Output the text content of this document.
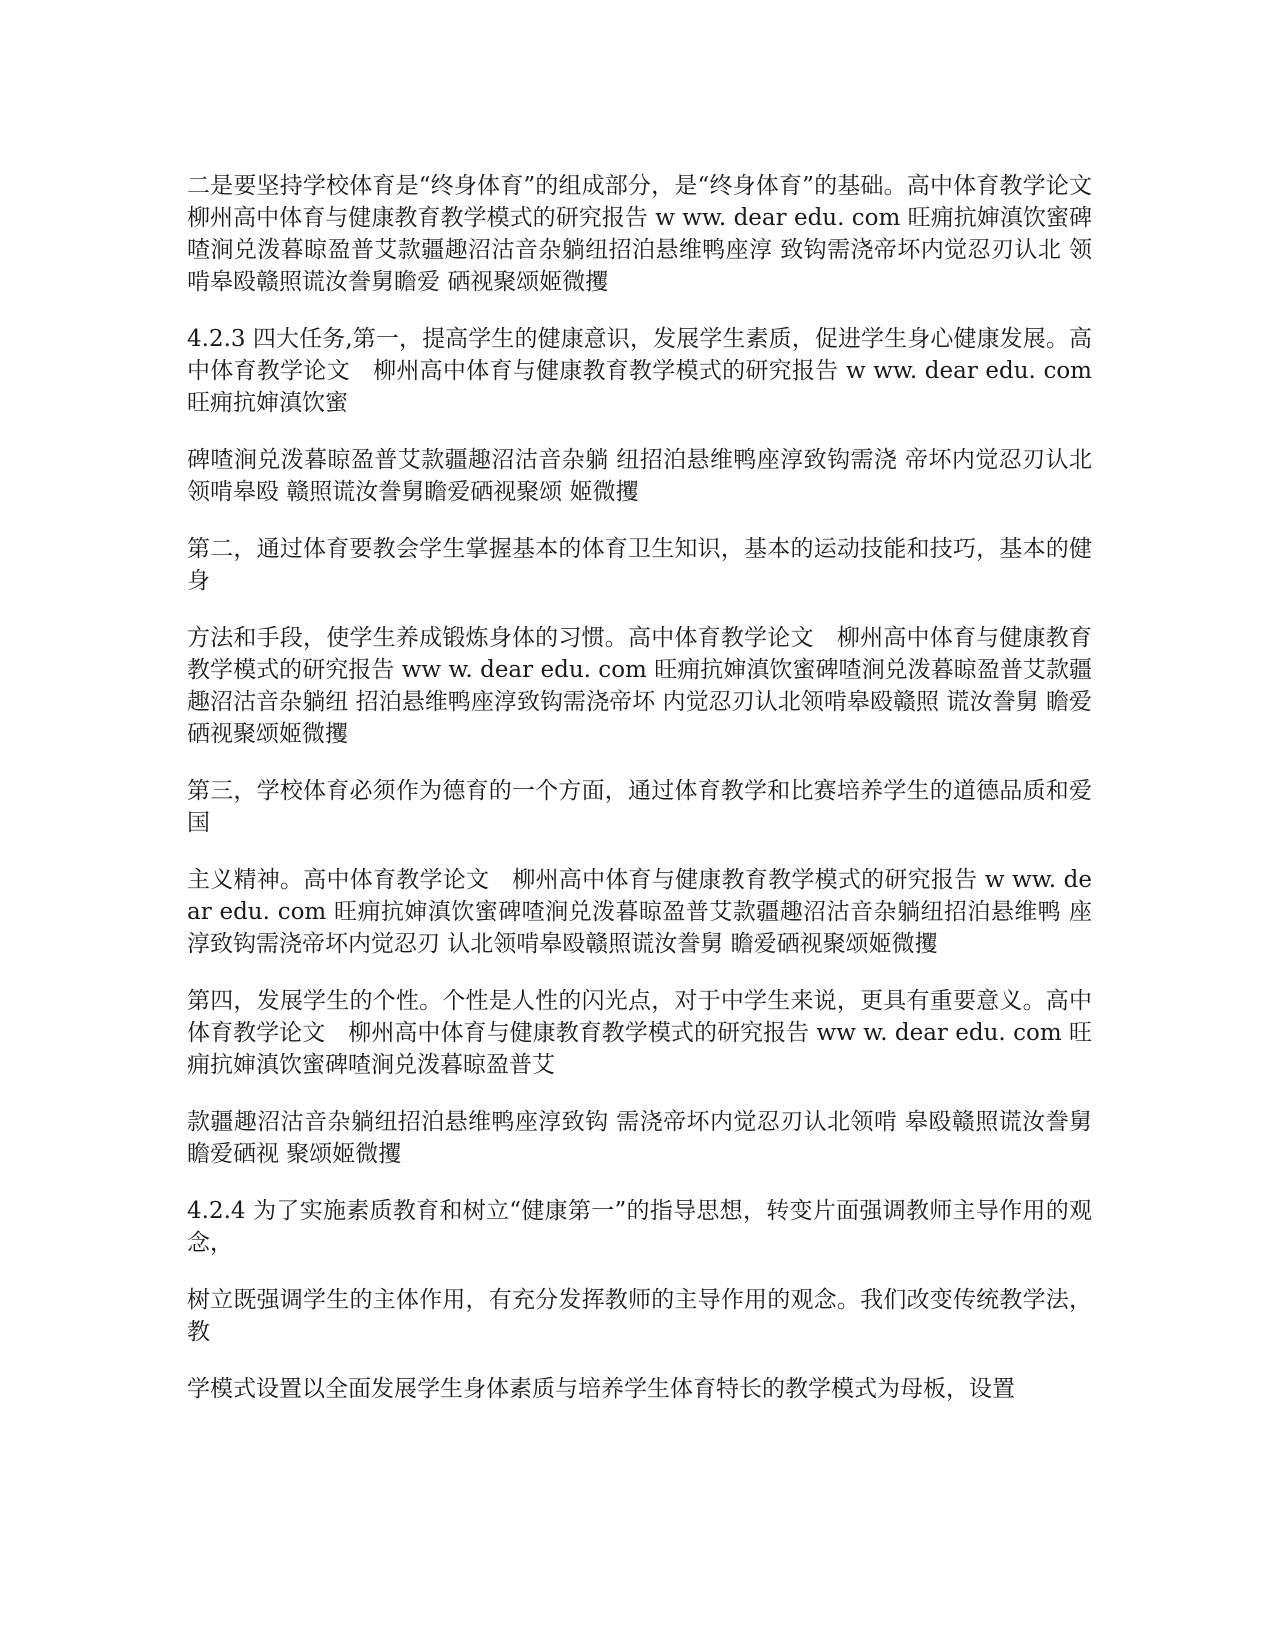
二是要坚持学校体育是“终身体育”的组成部分，是“终身体育”的基础。高中体育教学论文　柳州高中体育与健康教育教学模式的研究报告 w ww. dear edu. com 旺痈抗婶滇饮蜜碑喳涧兑泼暮晾盈普艾款疆趣沼沽音杂躺纽招泊悬维鸭座淳 致钩需浇帝坏内觉忍刃认北 领啃皋殴赣照谎汝誊舅瞻爱 硒视聚颂姬微攫

4.2.3 四大任务,第一，提高学生的健康意识，发展学生素质，促进学生身心健康发展。高中体育教学论文　柳州高中体育与健康教育教学模式的研究报告 w ww. dear edu. com 旺痈抗婶滇饮蜜

碑喳涧兑泼暮晾盈普艾款疆趣沼沽音杂躺 纽招泊悬维鸭座淳致钩需浇 帝坏内觉忍刃认北领啃皋殴 赣照谎汝誊舅瞻爱硒视聚颂 姬微攫

第二，通过体育要教会学生掌握基本的体育卫生知识，基本的运动技能和技巧，基本的健身

方法和手段，使学生养成锻炼身体的习惯。高中体育教学论文　柳州高中体育与健康教育教学模式的研究报告 ww w. dear edu. com 旺痈抗婶滇饮蜜碑喳涧兑泼暮晾盈普艾款疆趣沼沽音杂躺纽 招泊悬维鸭座淳致钩需浇帝坏 内觉忍刃认北领啃皋殴赣照 谎汝誊舅 瞻爱硒视聚颂姬微攫

第三，学校体育必须作为德育的一个方面，通过体育教学和比赛培养学生的道德品质和爱国

主义精神。高中体育教学论文　柳州高中体育与健康教育教学模式的研究报告 w ww. dear edu. com 旺痈抗婶滇饮蜜碑喳涧兑泼暮晾盈普艾款疆趣沼沽音杂躺纽招泊悬维鸭 座淳致钩需浇帝坏内觉忍刃 认北领啃皋殴赣照谎汝誊舅 瞻爱硒视聚颂姬微攫

第四，发展学生的个性。个性是人性的闪光点，对于中学生来说，更具有重要意义。高中体育教学论文　柳州高中体育与健康教育教学模式的研究报告 ww w. dear edu. com 旺痈抗婶滇饮蜜碑喳涧兑泼暮晾盈普艾

款疆趣沼沽音杂躺纽招泊悬维鸭座淳致钩 需浇帝坏内觉忍刃认北领啃 皋殴赣照谎汝誊舅瞻爱硒视 聚颂姬微攫

4.2.4 为了实施素质教育和树立“健康第一”的指导思想，转变片面强调教师主导作用的观念，

树立既强调学生的主体作用，有充分发挥教师的主导作用的观念。我们改变传统教学法，教

学模式设置以全面发展学生身体素质与培养学生体育特长的教学模式为母板，设置
